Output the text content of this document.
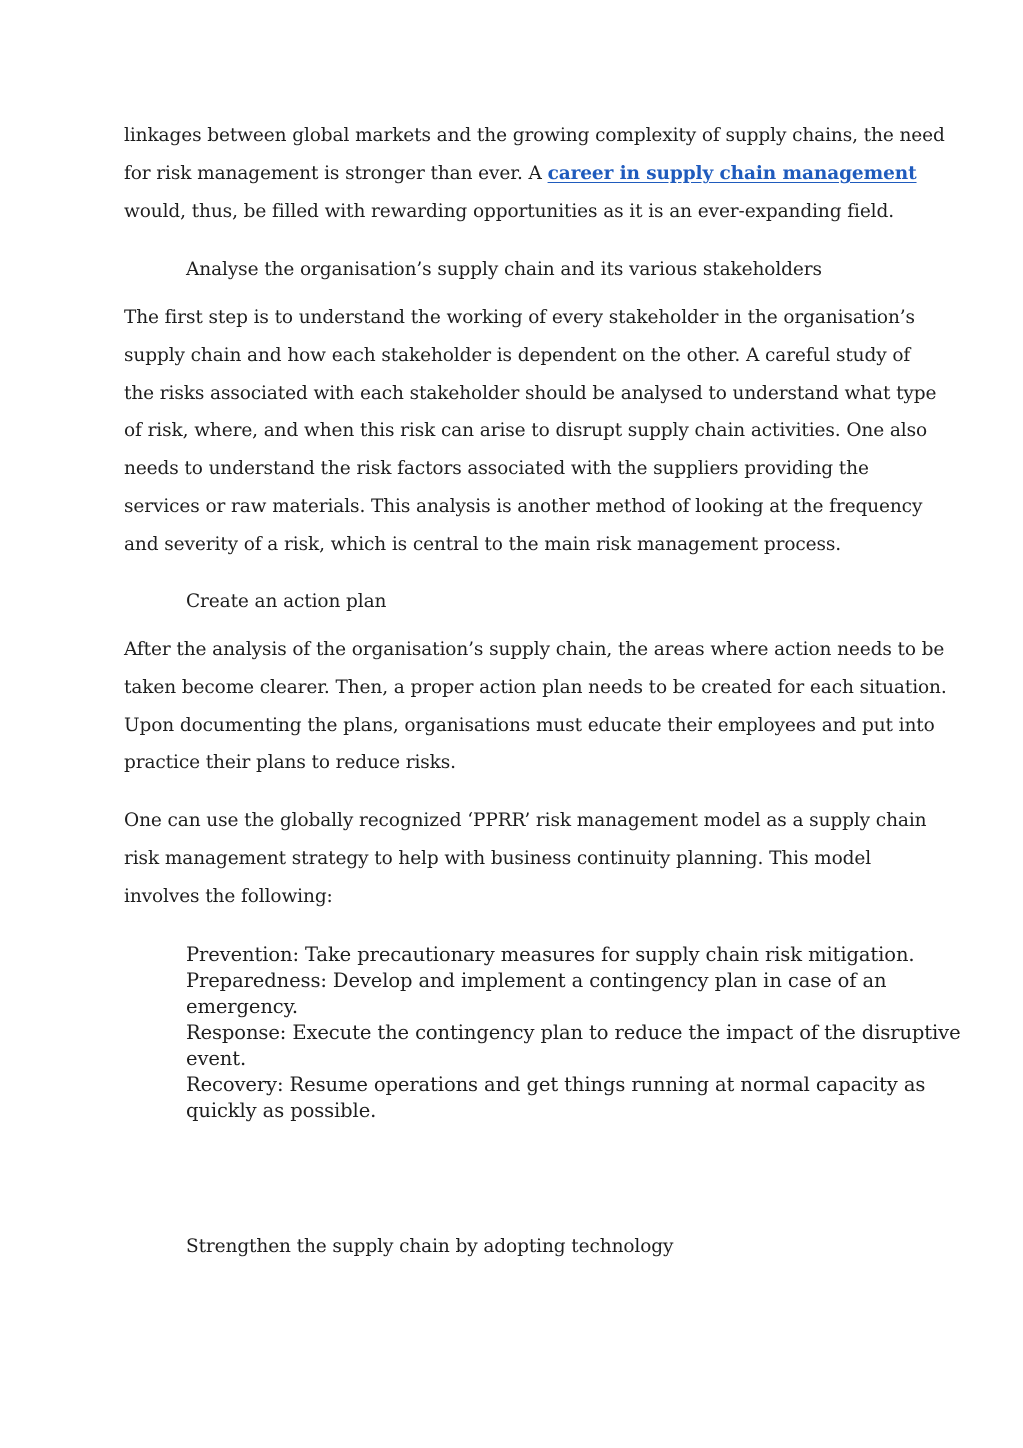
linkages between global markets and the growing complexity of supply chains, the need
for risk management is stronger than ever. A career in supply chain management
would, thus, be filled with rewarding opportunities as it is an ever-expanding field.
Analyse the organisation’s supply chain and its various stakeholders
The first step is to understand the working of every stakeholder in the organisation’s
supply chain and how each stakeholder is dependent on the other. A careful study of
the risks associated with each stakeholder should be analysed to understand what type
of risk, where, and when this risk can arise to disrupt supply chain activities. One also
needs to understand the risk factors associated with the suppliers providing the
services or raw materials. This analysis is another method of looking at the frequency
and severity of a risk, which is central to the main risk management process.
Create an action plan
After the analysis of the organisation’s supply chain, the areas where action needs to be
taken become clearer. Then, a proper action plan needs to be created for each situation.
Upon documenting the plans, organisations must educate their employees and put into
practice their plans to reduce risks.
One can use the globally recognized ‘PPRR’ risk management model as a supply chain
risk management strategy to help with business continuity planning. This model
involves the following:
Prevention: Take precautionary measures for supply chain risk mitigation.
Preparedness: Develop and implement a contingency plan in case of an
emergency.
Response: Execute the contingency plan to reduce the impact of the disruptive
event.
Recovery: Resume operations and get things running at normal capacity as
quickly as possible.
Strengthen the supply chain by adopting technology
